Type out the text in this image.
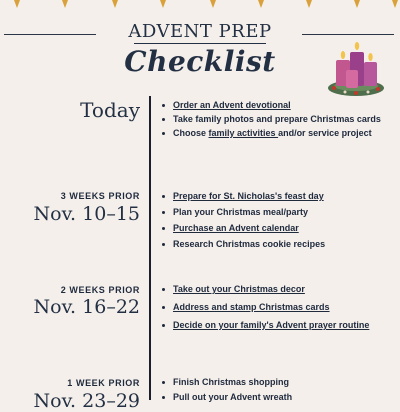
ADVENT PREP
Checklist
Today	Order an Advent devotional
Take family photos and prepare Christmas cards
Choose family activities and/or service project
3 WEEKS PRIOR
Nov. 10–15
Prepare for St. Nicholas's feast day
Plan your Christmas meal/party
Purchase an Advent calendar
Research Christmas cookie recipes
2 WEEKS PRIOR
Nov. 16–22
Take out your Christmas decor
Address and stamp Christmas cards
Decide on your family's Advent prayer routine
1 WEEK PRIOR
Nov. 23–29
Finish Christmas shopping
Pull out your Advent wreath
